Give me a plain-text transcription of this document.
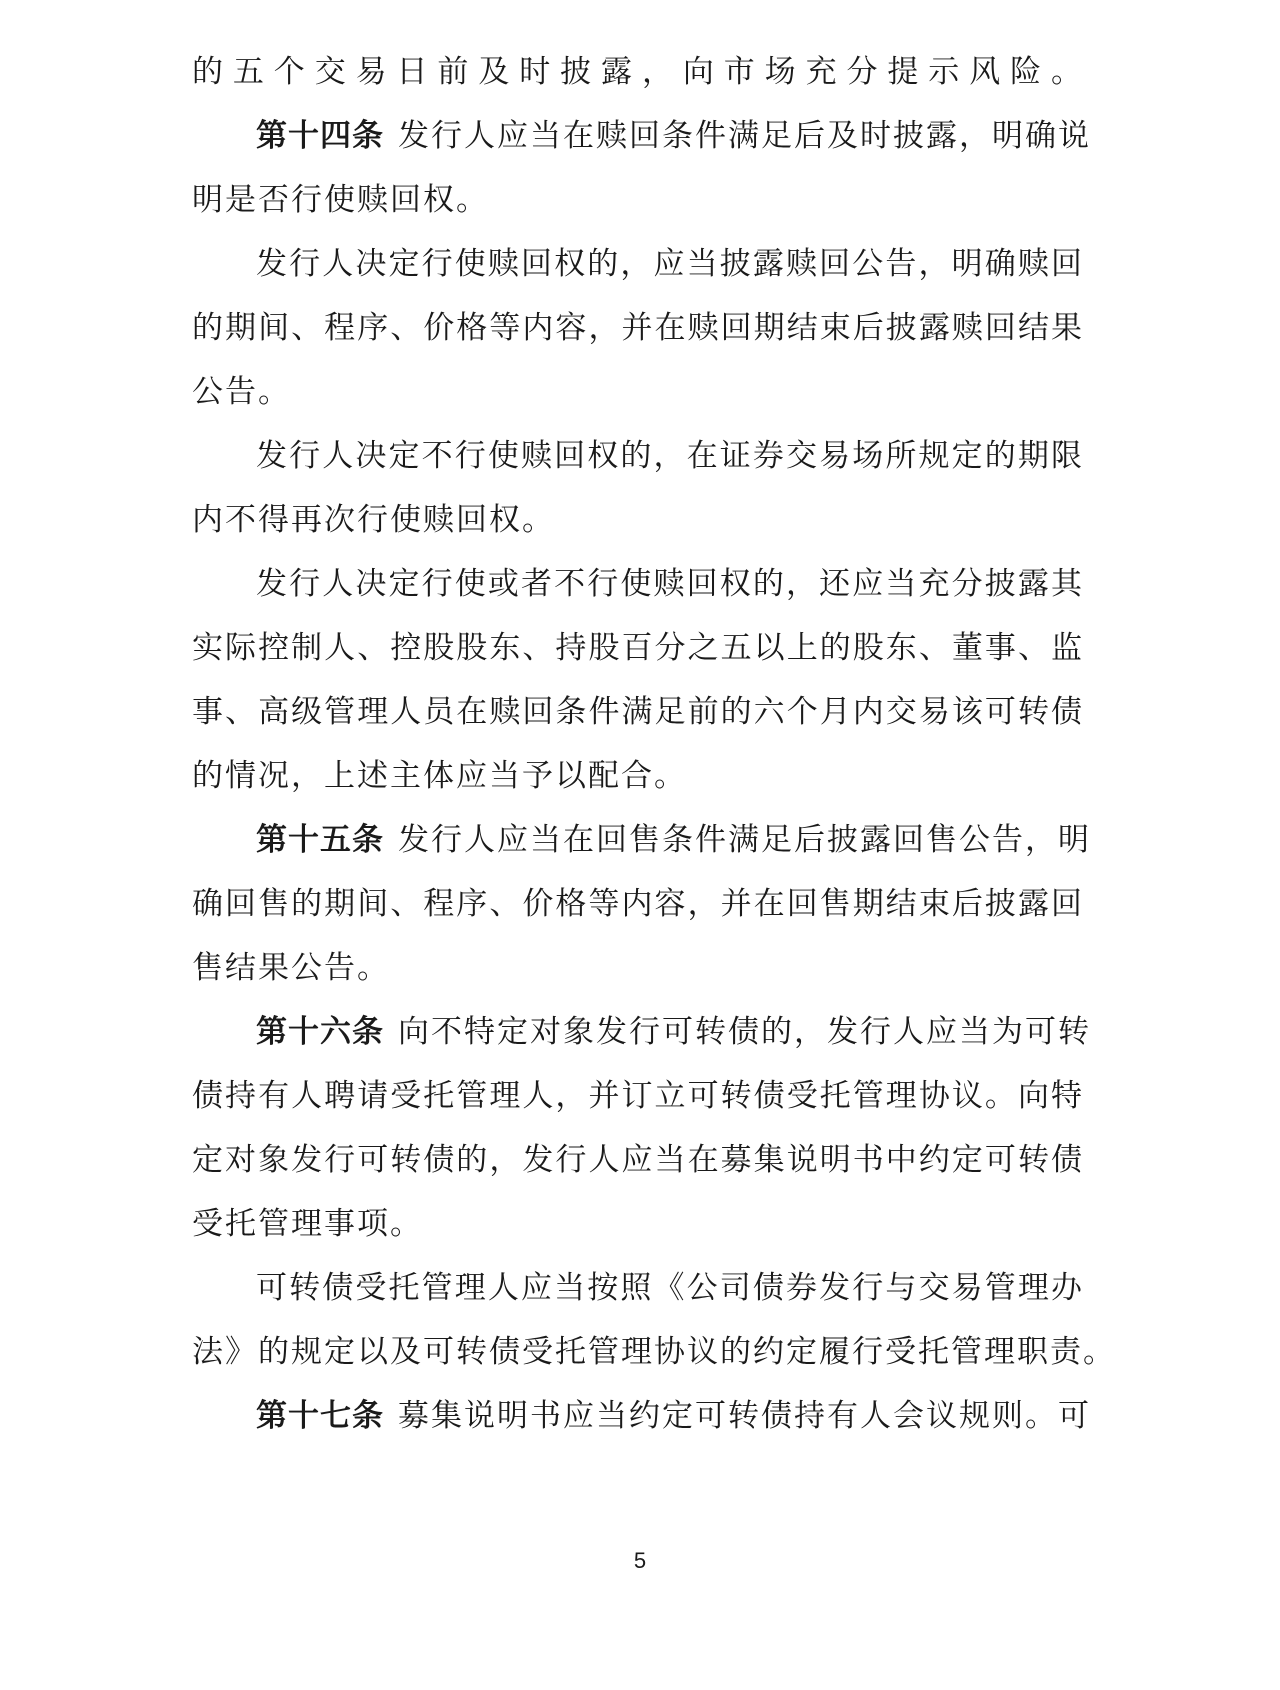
的五个交易日前及时披露，向市场充分提示风险。
第十四条 发行人应当在赎回条件满足后及时披露，明确说
明是否行使赎回权。
发行人决定行使赎回权的，应当披露赎回公告，明确赎回
的期间、程序、价格等内容，并在赎回期结束后披露赎回结果
公告。
发行人决定不行使赎回权的，在证券交易场所规定的期限
内不得再次行使赎回权。
发行人决定行使或者不行使赎回权的，还应当充分披露其
实际控制人、控股股东、持股百分之五以上的股东、董事、监
事、高级管理人员在赎回条件满足前的六个月内交易该可转债
的情况，上述主体应当予以配合。
第十五条 发行人应当在回售条件满足后披露回售公告，明
确回售的期间、程序、价格等内容，并在回售期结束后披露回
售结果公告。
第十六条 向不特定对象发行可转债的，发行人应当为可转
债持有人聘请受托管理人，并订立可转债受托管理协议。向特
定对象发行可转债的，发行人应当在募集说明书中约定可转债
受托管理事项。
可转债受托管理人应当按照《公司债券发行与交易管理办
法》的规定以及可转债受托管理协议的约定履行受托管理职责。
第十七条 募集说明书应当约定可转债持有人会议规则。可
5
